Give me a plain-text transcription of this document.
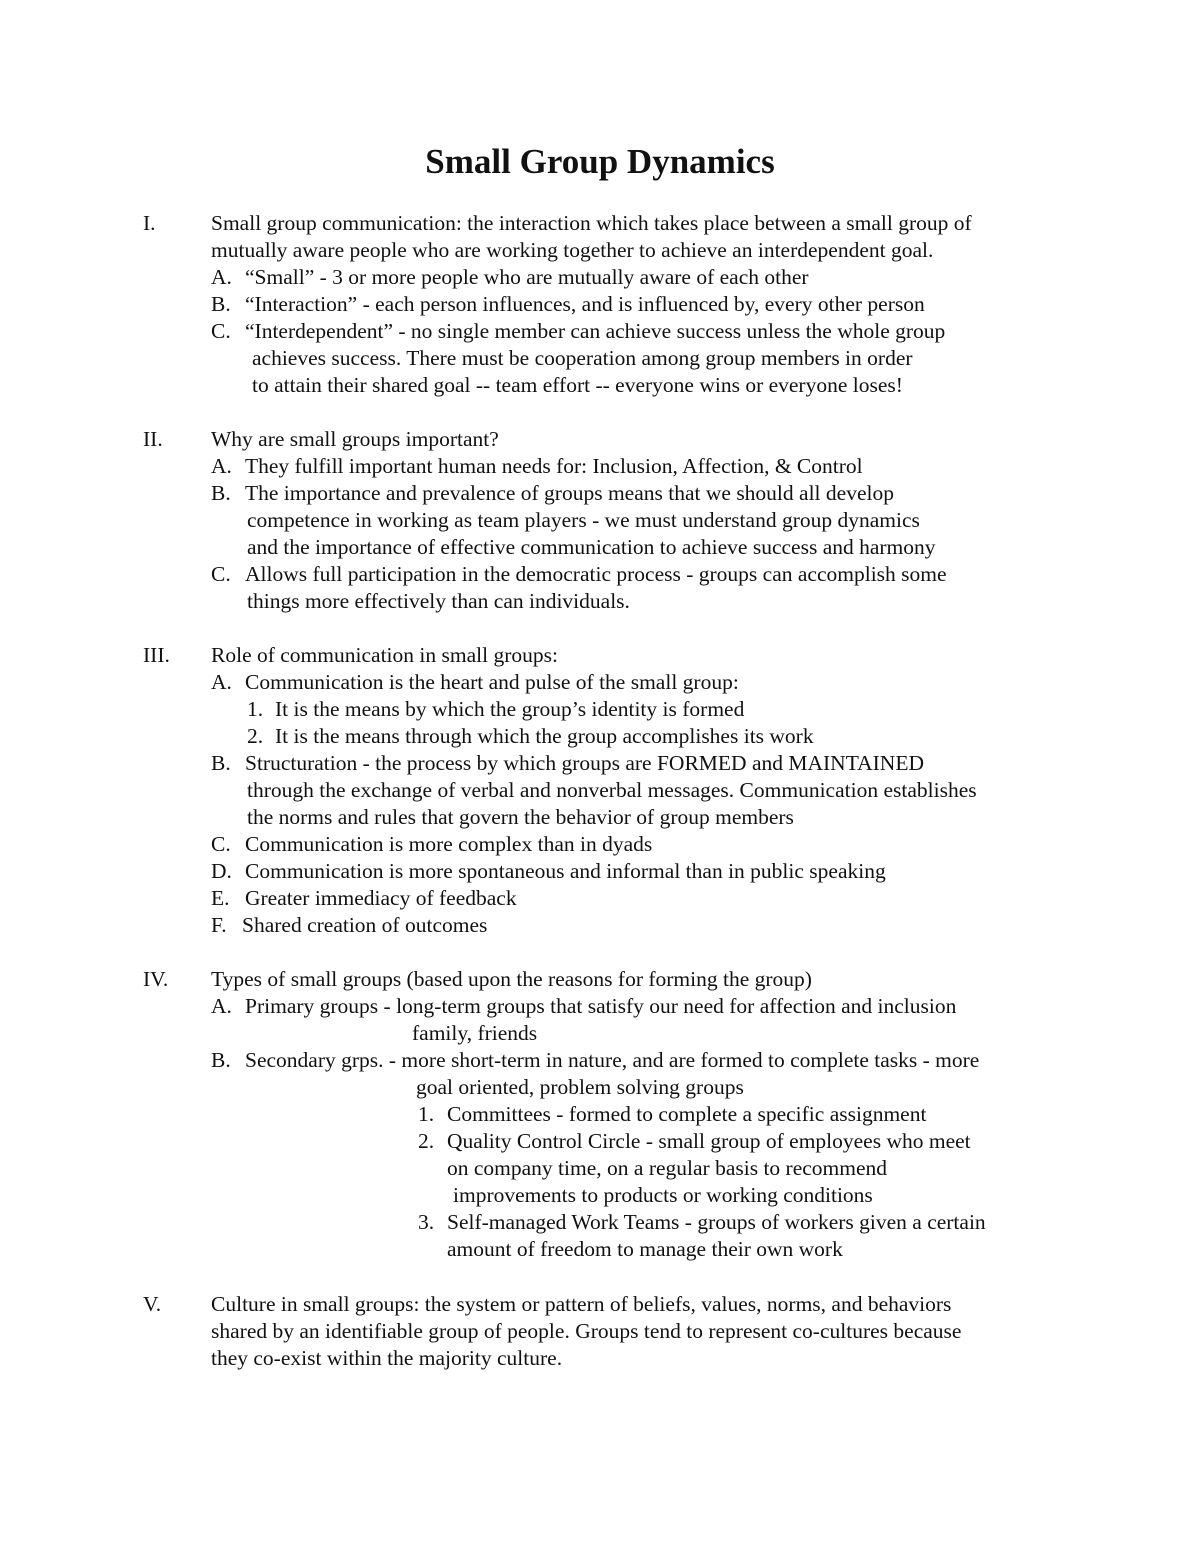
Small Group Dynamics
I.	Small group communication: the interaction which takes place between a small group of
mutually aware people who are working together to achieve an interdependent goal.
A. “Small” - 3 or more people who are mutually aware of each other
B. “Interaction” - each person influences, and is influenced by, every other person
C. “Interdependent” - no single member can achieve success unless the whole group
achieves success. There must be cooperation among group members in order
to attain their shared goal -- team effort -- everyone wins or everyone loses!
II. Why are small groups important?
A. They fulfill important human needs for: Inclusion, Affection, & Control
B. The importance and prevalence of groups means that we should all develop
competence in working as team players - we must understand group dynamics
and the importance of effective communication to achieve success and harmony
C. Allows full participation in the democratic process - groups can accomplish some
things more effectively than can individuals.
III. Role of communication in small groups:
A. Communication is the heart and pulse of the small group:
1. It is the means by which the group’s identity is formed
2. It is the means through which the group accomplishes its work
B. Structuration - the process by which groups are FORMED and MAINTAINED
through the exchange of verbal and nonverbal messages. Communication establishes
the norms and rules that govern the behavior of group members
C. Communication is more complex than in dyads
D. Communication is more spontaneous and informal than in public speaking
E. Greater immediacy of feedback
F. Shared creation of outcomes
IV. Types of small groups (based upon the reasons for forming the group)
A. Primary groups - long-term groups that satisfy our need for affection and inclusion
family, friends
B. Secondary grps. - more short-term in nature, and are formed to complete tasks - more
goal oriented, problem solving groups
1. Committees - formed to complete a specific assignment
2. Quality Control Circle - small group of employees who meet
on company time, on a regular basis to recommend
improvements to products or working conditions
3. Self-managed Work Teams - groups of workers given a certain
amount of freedom to manage their own work
V. Culture in small groups: the system or pattern of beliefs, values, norms, and behaviors
shared by an identifiable group of people. Groups tend to represent co-cultures because
they co-exist within the majority culture.
